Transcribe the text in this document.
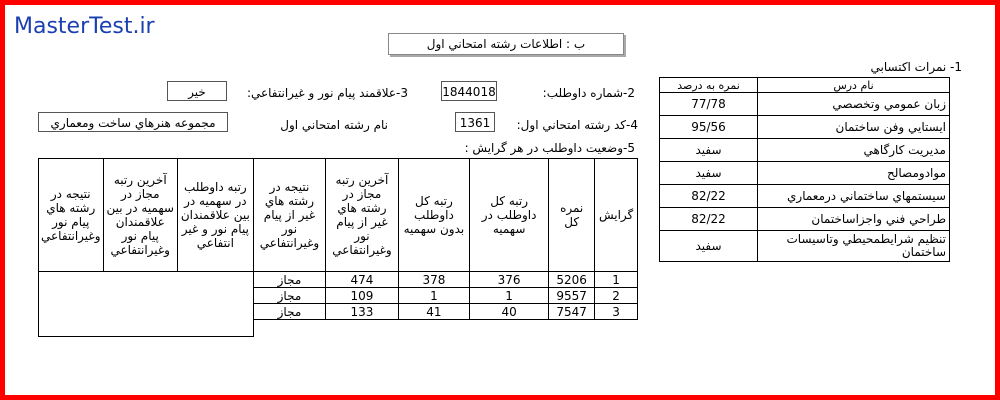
MasterTest.ir
ب : اطلاعات رشته امتحاني اول
1- نمرات اكتسابي
2-شماره داوطلب:
1844018
3-علاقمند پيام نور و غيرانتفاعي:
خير
4-كد رشته امتحاني اول:
1361
نام رشته امتحاني اول
مجموعه هنرهاي ساخت ومعماري
5-وضعيت داوطلب در هر گرايش :
نام درس	نمره به درصد
زبان عمومي وتخصصي	77/78
ايستايي وفن ساختمان	95/56
مديريت كارگاهي	سفيد
موادومصالح	سفيد
سيستمهاي ساختماني درمعماري	82/22
طراحي فني واجزاساختمان	82/22
تنظيم شرايطمحيطي وتاسيسات ساختمان	سفيد
گرايش	نمره كل	رتبه كل داوطلب در سهميه	رتبه كل داوطلب بدون سهميه	آخرين رتبه مجاز در رشته هاي غير از پيام نور وغيرانتفاعي	نتيجه در رشته هاي غير از پيام نور وغيرانتفاعي	رتبه داوطلب در سهميه در بين علاقمندان پيام نور و غير انتفاعي	آخرين رتبه مجاز در سهميه در بين علاقمندان پيام نور وغيرانتفاعي	نتيجه در رشته هاي پيام نور وغيرانتفاعي
1	5206	376	378	474	مجاز			
2	9557	1	1	109	مجاز			
3	7547	40	41	133	مجاز			
